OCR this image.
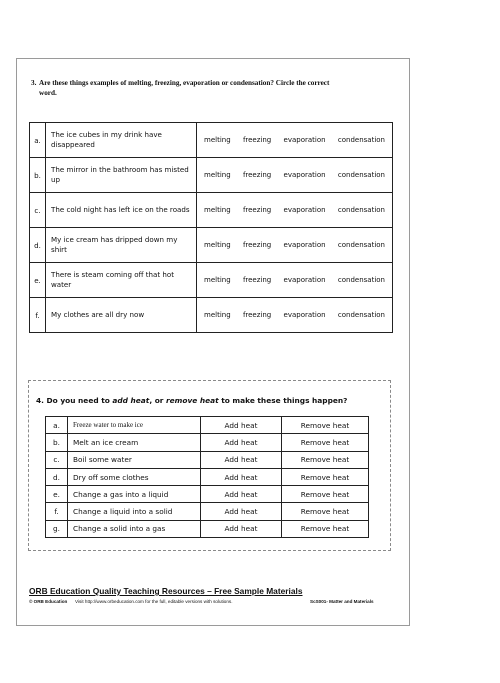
3. Are these things examples of melting, freezing, evaporation or condensation? Circle the correct
word.
a.	The ice cubes in my drink have disappeared	melting freezing evaporation condensation

b.	The mirror in the bathroom has misted up	melting freezing evaporation condensation

c.	The cold night has left ice on the roads	melting freezing evaporation condensation

d.	My ice cream has dripped down my shirt	melting freezing evaporation condensation

e.	There is steam coming off that hot water	melting freezing evaporation condensation

f.	My clothes are all dry now	melting freezing evaporation condensation
4. Do you need to add heat, or remove heat to make these things happen?
a.	Freeze water to make ice	Add heat	Remove heat
b.	Melt an ice cream	Add heat	Remove heat
c.	Boil some water	Add heat	Remove heat
d.	Dry off some clothes	Add heat	Remove heat
e.	Change a gas into a liquid	Add heat	Remove heat
f.	Change a liquid into a solid	Add heat	Remove heat
g.	Change a solid into a gas	Add heat	Remove heat
ORB Education Quality Teaching Resources – Free Sample Materials
© ORB Education Visit http://www.orbeducation.com for the full, editable versions with solutions.	ScS001- Matter and Materials
